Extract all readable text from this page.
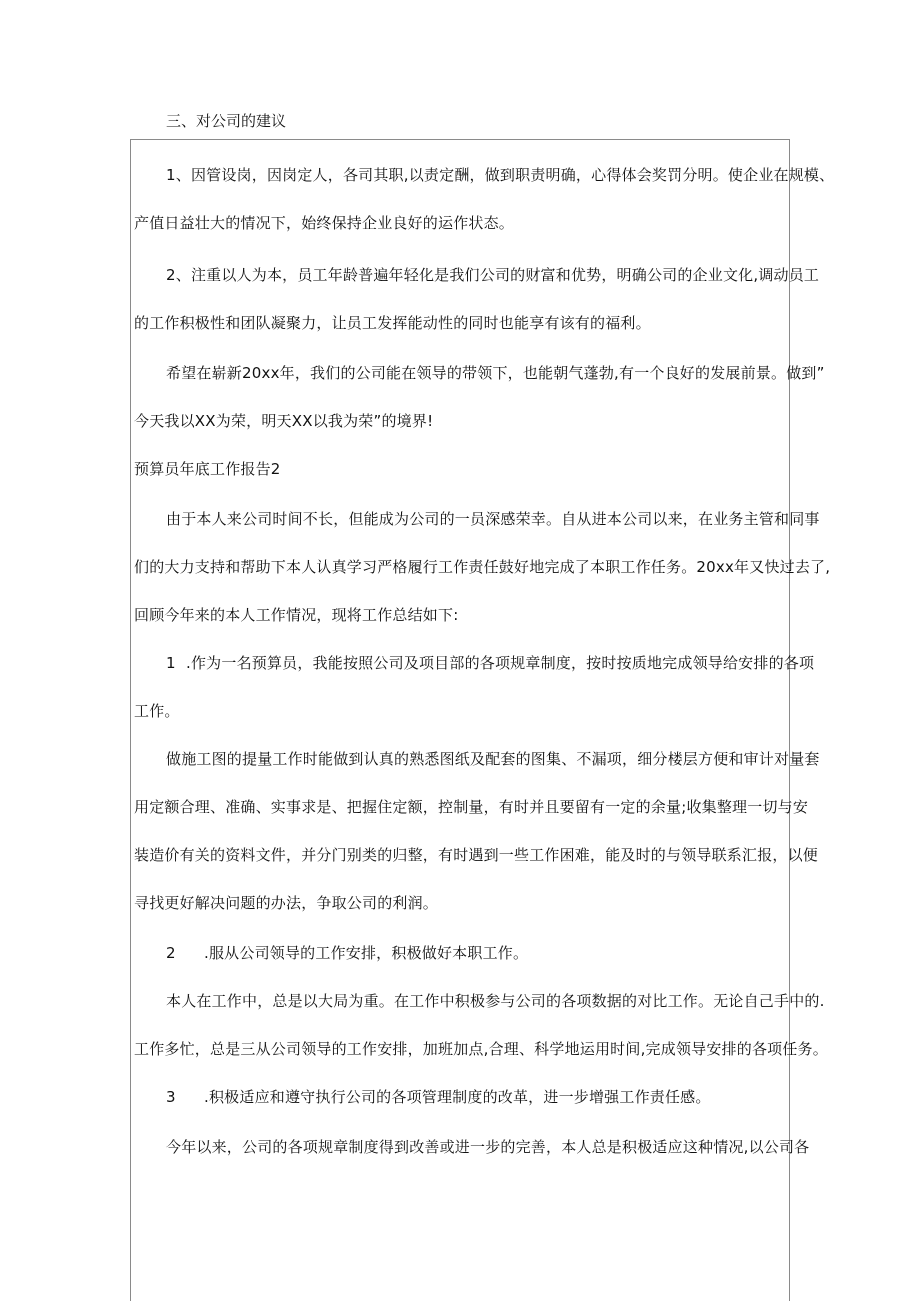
三、对公司的建议
1、因管设岗，因岗定人，各司其职,以责定酬，做到职责明确，心得体会奖罚分明。使企业在规模、
产值日益壮大的情况下，始终保持企业良好的运作状态。
2、注重以人为本，员工年龄普遍年轻化是我们公司的财富和优势，明确公司的企业文化,调动员工
的工作积极性和团队凝聚力，让员工发挥能动性的同时也能享有该有的福利。
希望在崭新20xx年，我们的公司能在领导的带领下，也能朝气蓬勃,有一个良好的发展前景。做到”
今天我以XX为荣，明天XX以我为荣”的境界!
预算员年底工作报告2
由于本人来公司时间不长，但能成为公司的一员深感荣幸。自从进本公司以来，在业务主管和同事
们的大力支持和帮助下本人认真学习严格履行工作责任鼓好地完成了本职工作任务。20xx年又快过去了,
回顾今年来的本人工作情况，现将工作总结如下:
1 .作为一名预算员，我能按照公司及项目部的各项规章制度，按时按质地完成领导给安排的各项
工作。
做施工图的提量工作时能做到认真的熟悉图纸及配套的图集、不漏项，细分楼层方便和审计对量套
用定额合理、准确、实事求是、把握住定额，控制量，有时并且要留有一定的余量;收集整理一切与安
装造价有关的资料文件，并分门别类的归整，有时遇到一些工作困难，能及时的与领导联系汇报，以便
寻找更好解决问题的办法，争取公司的利润。
2 .服从公司领导的工作安排，积极做好本职工作。
本人在工作中，总是以大局为重。在工作中积极参与公司的各项数据的对比工作。无论自己手中的.
工作多忙，总是三从公司领导的工作安排，加班加点,合理、科学地运用时间,完成领导安排的各项任务。
3 .积极适应和遵守执行公司的各项管理制度的改革，进一步增强工作责任感。
今年以来，公司的各项规章制度得到改善或进一步的完善，本人总是积极适应这种情况,以公司各
